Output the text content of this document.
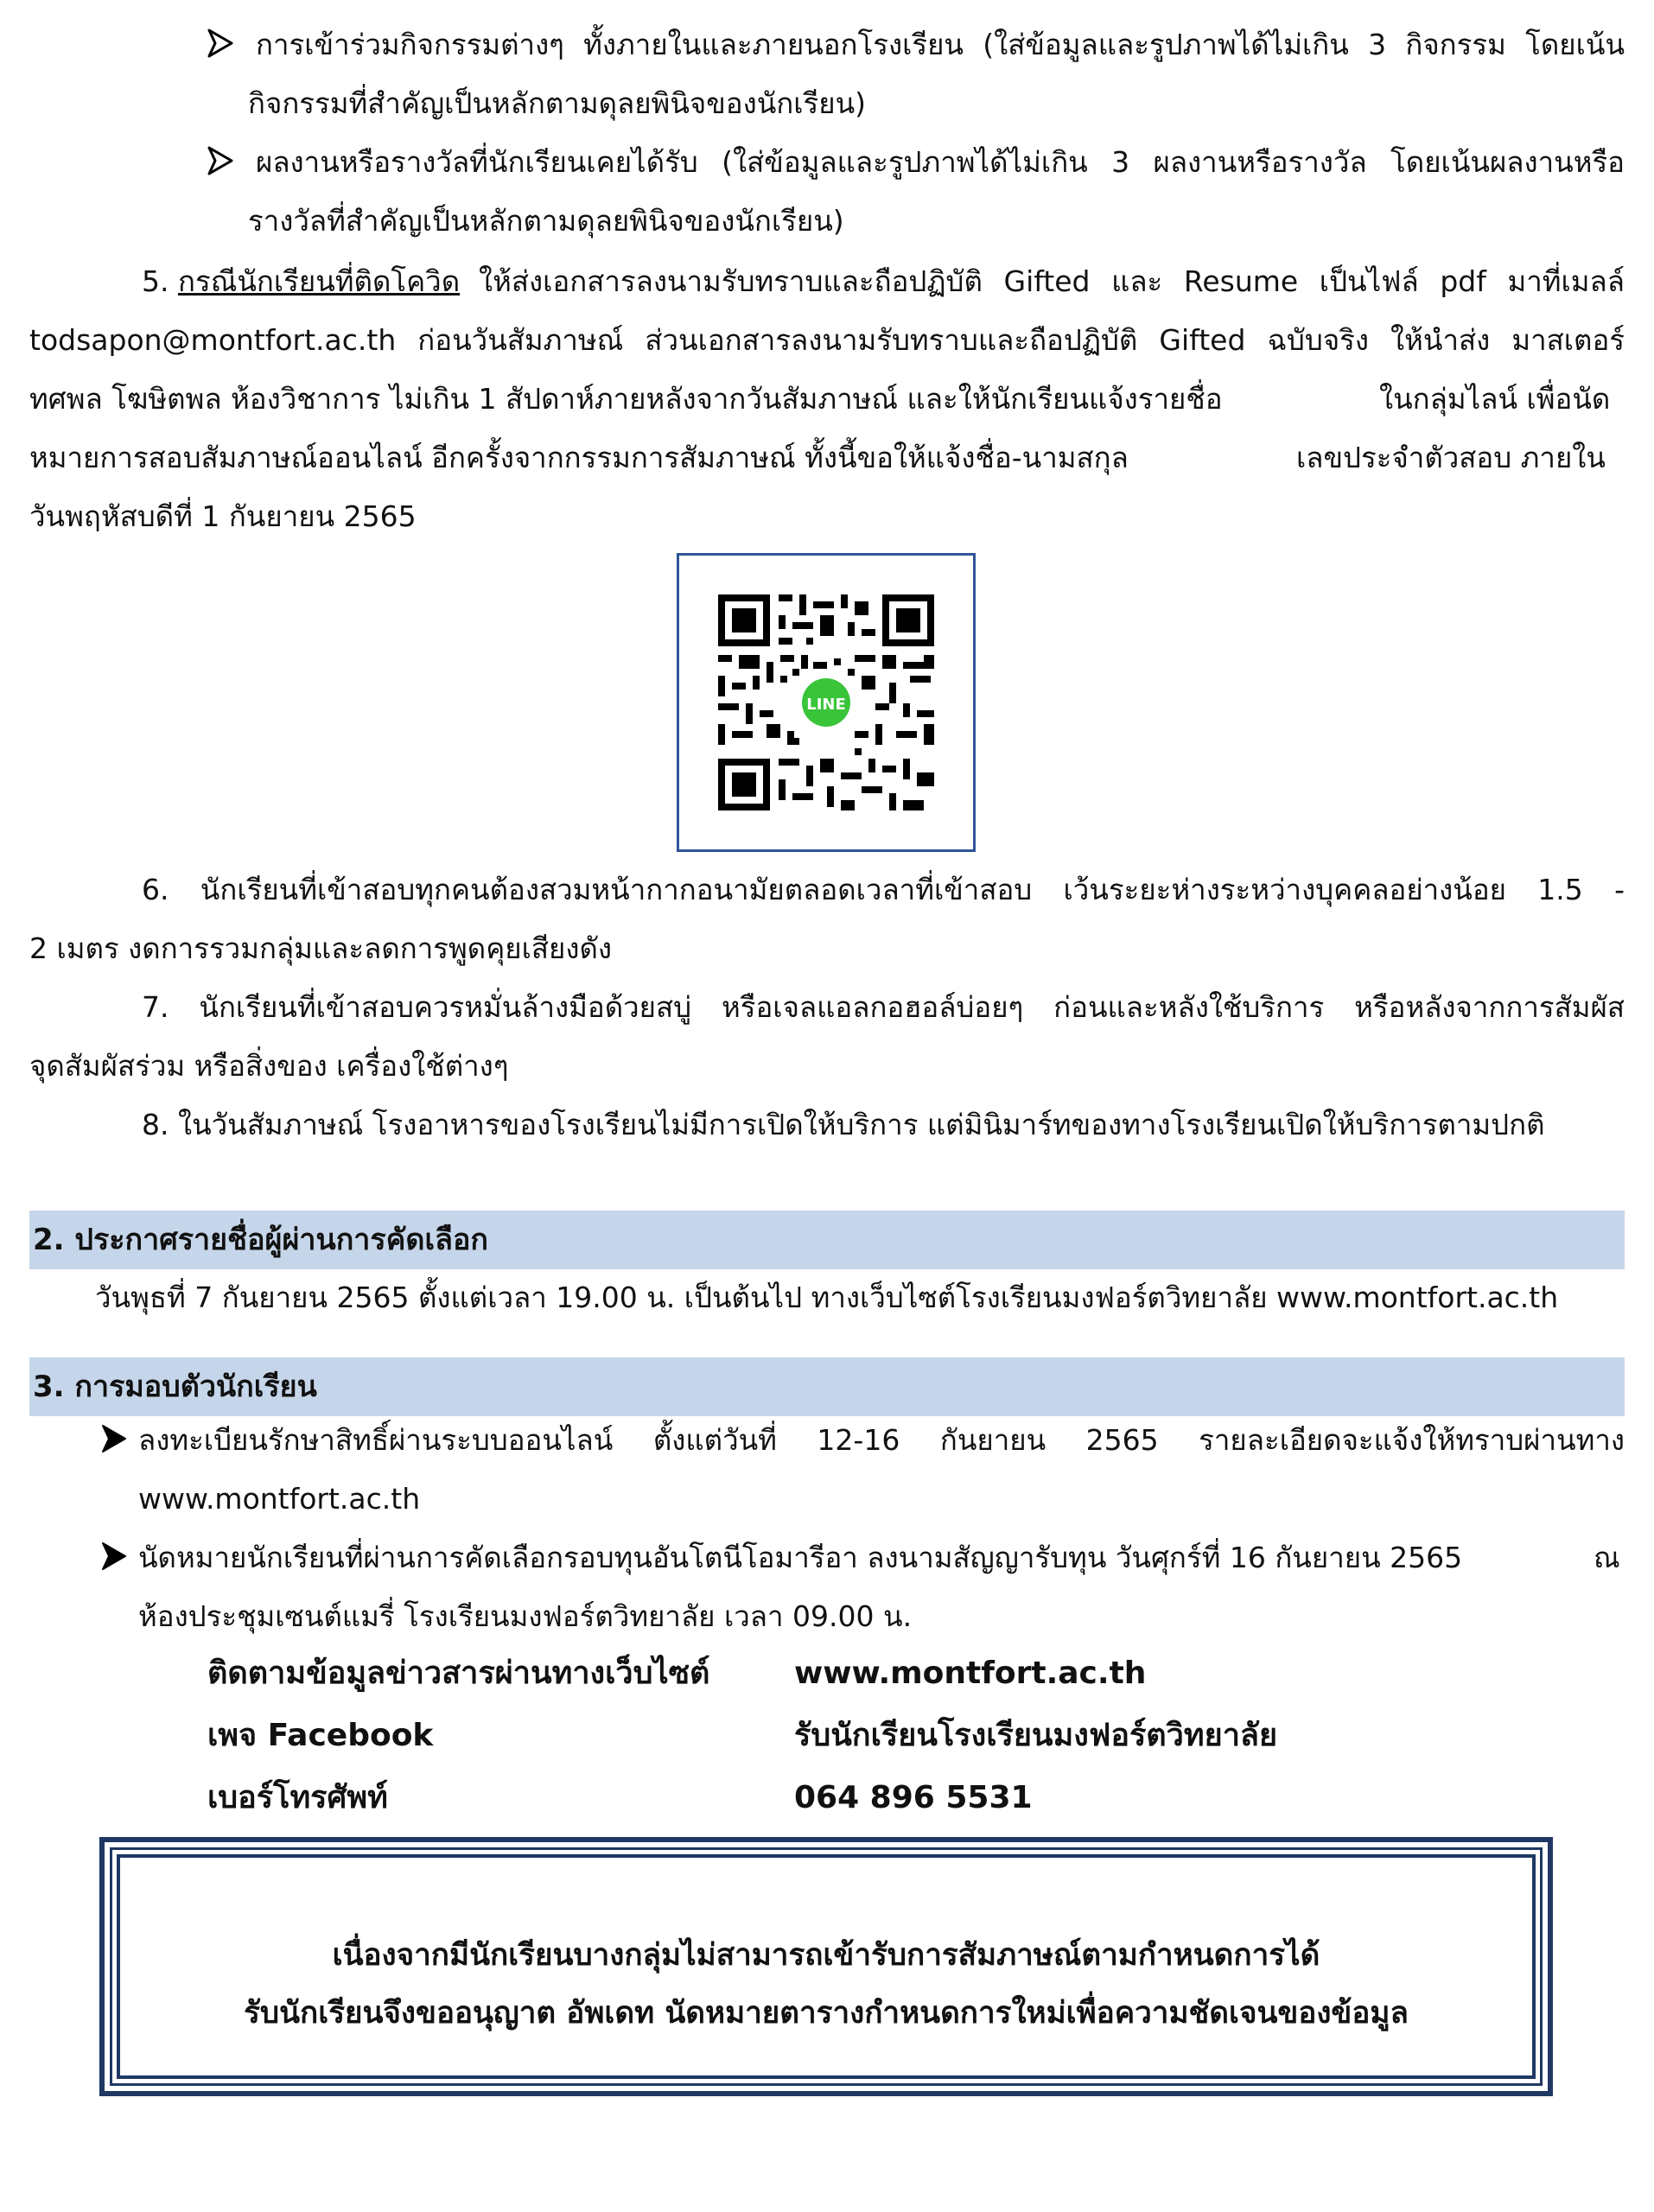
การเข้าร่วมกิจกรรมต่างๆ ทั้งภายในและภายนอกโรงเรียน (ใส่ข้อมูลและรูปภาพได้ไม่เกิน 3 กิจกรรม โดยเน้น
กิจกรรมที่สำคัญเป็นหลักตามดุลยพินิจของนักเรียน)
ผลงานหรือรางวัลที่นักเรียนเคยได้รับ (ใส่ข้อมูลและรูปภาพได้ไม่เกิน 3 ผลงานหรือรางวัล โดยเน้นผลงานหรือ
รางวัลที่สำคัญเป็นหลักตามดุลยพินิจของนักเรียน)
5. กรณีนักเรียนที่ติดโควิด ให้ส่งเอกสารลงนามรับทราบและถือปฏิบัติ Gifted และ Resume เป็นไฟล์ pdf มาที่เมลล์
todsapon@montfort.ac.th ก่อนวันสัมภาษณ์ ส่วนเอกสารลงนามรับทราบและถือปฏิบัติ Gifted ฉบับจริง ให้นำส่ง มาสเตอร์
ทศพล โฆษิตพล ห้องวิชาการ ไม่เกิน 1 สัปดาห์ภายหลังจากวันสัมภาษณ์ และให้นักเรียนแจ้งรายชื่อ	ในกลุ่มไลน์ เพื่อนัด
หมายการสอบสัมภาษณ์ออนไลน์ อีกครั้งจากกรรมการสัมภาษณ์ ทั้งนี้ขอให้แจ้งชื่อ-นามสกุล	เลขประจำตัวสอบ ภายใน
วันพฤหัสบดีที่ 1 กันยายน 2565
LINE
6. นักเรียนที่เข้าสอบทุกคนต้องสวมหน้ากากอนามัยตลอดเวลาที่เข้าสอบ เว้นระยะห่างระหว่างบุคคลอย่างน้อย 1.5 -
2 เมตร งดการรวมกลุ่มและลดการพูดคุยเสียงดัง
7. นักเรียนที่เข้าสอบควรหมั่นล้างมือด้วยสบู่ หรือเจลแอลกอฮอล์บ่อยๆ ก่อนและหลังใช้บริการ หรือหลังจากการสัมผัส
จุดสัมผัสร่วม หรือสิ่งของ เครื่องใช้ต่างๆ
8. ในวันสัมภาษณ์ โรงอาหารของโรงเรียนไม่มีการเปิดให้บริการ แต่มินิมาร์ทของทางโรงเรียนเปิดให้บริการตามปกติ
2. ประกาศรายชื่อผู้ผ่านการคัดเลือก
วันพุธที่ 7 กันยายน 2565 ตั้งแต่เวลา 19.00 น. เป็นต้นไป ทางเว็บไซต์โรงเรียนมงฟอร์ตวิทยาลัย www.montfort.ac.th
3. การมอบตัวนักเรียน
ลงทะเบียนรักษาสิทธิ์ผ่านระบบออนไลน์ ตั้งแต่วันที่ 12-16 กันยายน 2565 รายละเอียดจะแจ้งให้ทราบผ่านทาง
www.montfort.ac.th
นัดหมายนักเรียนที่ผ่านการคัดเลือกรอบทุนอันโตนีโอมารีอา ลงนามสัญญารับทุน วันศุกร์ที่ 16 กันยายน 2565	ณ
ห้องประชุมเซนต์แมรี่ โรงเรียนมงฟอร์ตวิทยาลัย เวลา 09.00 น.
ติดตามข้อมูลข่าวสารผ่านทางเว็บไซต์	www.montfort.ac.th
เพจ Facebook	รับนักเรียนโรงเรียนมงฟอร์ตวิทยาลัย
เบอร์โทรศัพท์	064 896 5531
เนื่องจากมีนักเรียนบางกลุ่มไม่สามารถเข้ารับการสัมภาษณ์ตามกำหนดการได้
รับนักเรียนจึงขออนุญาต อัพเดท นัดหมายตารางกำหนดการใหม่เพื่อความชัดเจนของข้อมูล
